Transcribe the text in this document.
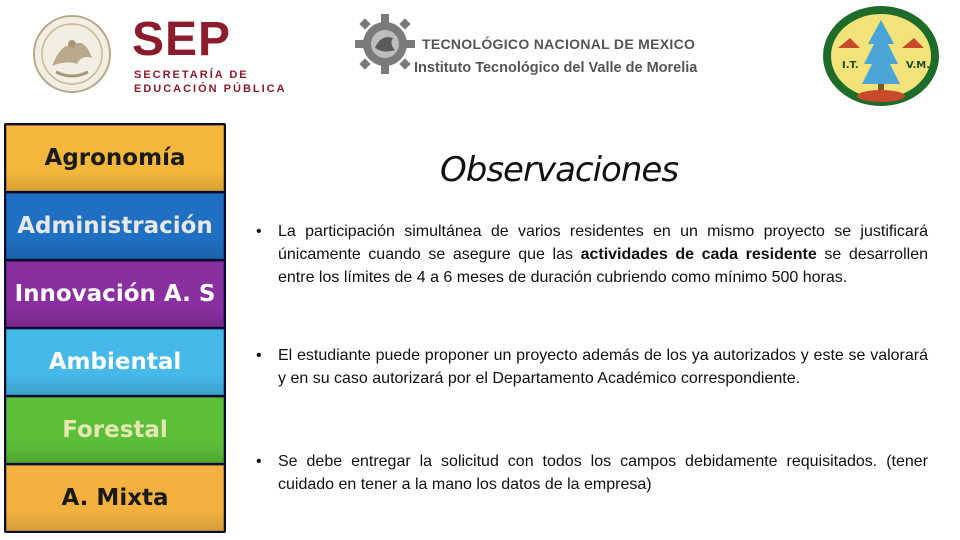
SEP
SECRETARÍA DE
EDUCACIÓN PÚBLICA
TECNOLÓGICO NACIONAL DE MEXICO
Instituto Tecnológico del Valle de Morelia	I.T.	V.M.
Agronomía
Administración
Innovación A. S
Ambiental
Forestal
A. Mixta
Observaciones
• La participación simultánea de varios residentes en un mismo proyecto se justificará únicamente cuando se asegure que las actividades de cada residente se desarrollen entre los límites de 4 a 6 meses de duración cubriendo como mínimo 500 horas.
• El estudiante puede proponer un proyecto además de los ya autorizados y este se valorará y en su caso autorizará por el Departamento Académico correspondiente.
• Se debe entregar la solicitud con todos los campos debidamente requisitados. (tener cuidado en tener a la mano los datos de la empresa)
